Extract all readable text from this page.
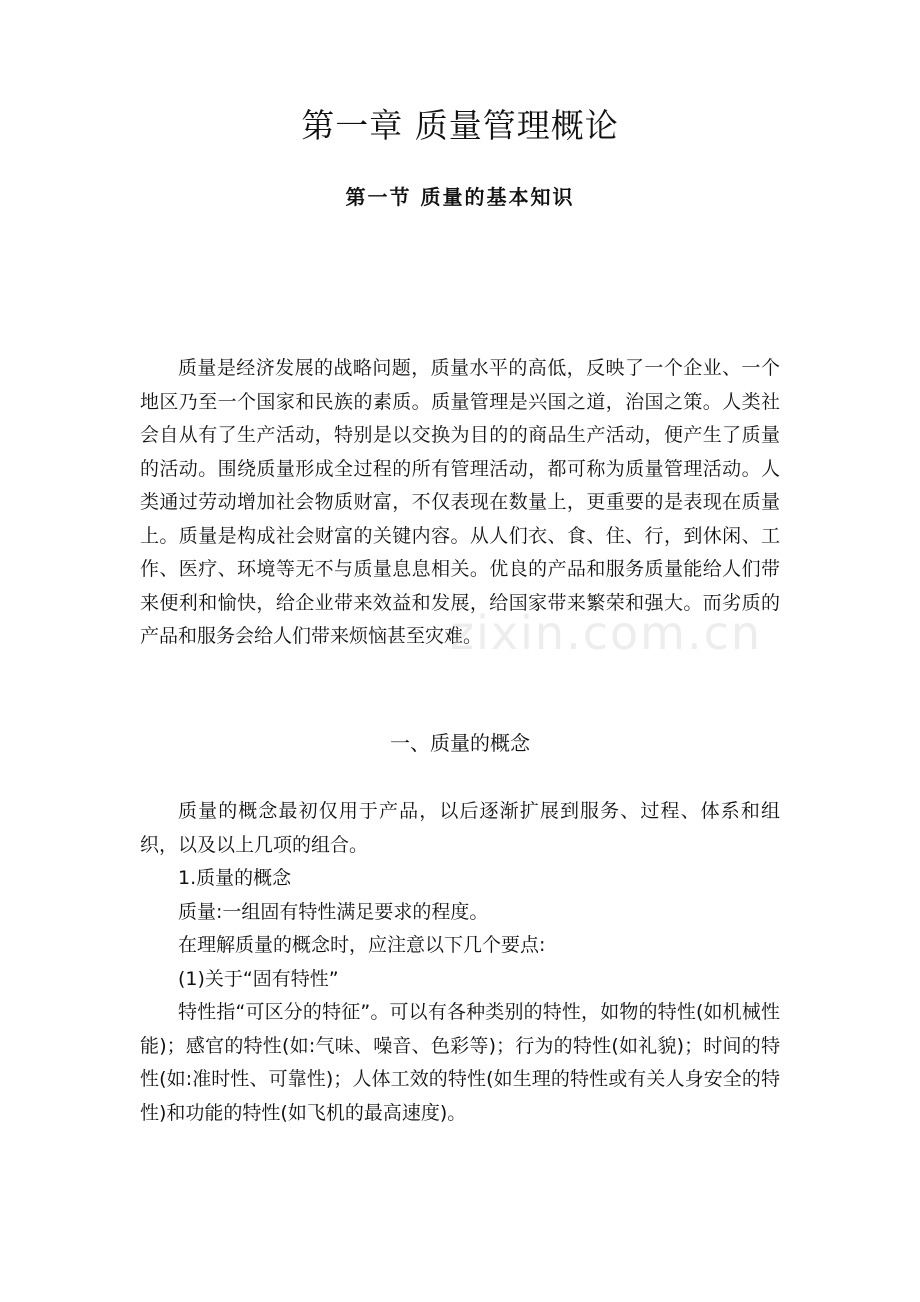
第一章 质量管理概论
第一节 质量的基本知识

质量是经济发展的战略问题，质量水平的高低，反映了一个企业、一个地区乃至一个国家和民族的素质。质量管理是兴国之道，治国之策。人类社会自从有了生产活动，特别是以交换为目的的商品生产活动，便产生了质量的活动。围绕质量形成全过程的所有管理活动，都可称为质量管理活动。人类通过劳动增加社会物质财富，不仅表现在数量上，更重要的是表现在质量上。质量是构成社会财富的关键内容。从人们衣、食、住、行，到休闲、工作、医疗、环境等无不与质量息息相关。优良的产品和服务质量能给人们带来便利和愉快，给企业带来效益和发展，给国家带来繁荣和强大。而劣质的产品和服务会给人们带来烦恼甚至灾难。

一、质量的概念

质量的概念最初仅用于产品，以后逐渐扩展到服务、过程、体系和组织，以及以上几项的组合。

1.质量的概念

质量:一组固有特性满足要求的程度。

在理解质量的概念时，应注意以下几个要点:

(1)关于“固有特性”

特性指“可区分的特征”。可以有各种类别的特性，如物的特性(如机械性能)；感官的特性(如:气味、噪音、色彩等)；行为的特性(如礼貌)；时间的特性(如:准时性、可靠性)；人体工效的特性(如生理的特性或有关人身安全的特性)和功能的特性(如飞机的最高速度)。

zixin.com.cn
